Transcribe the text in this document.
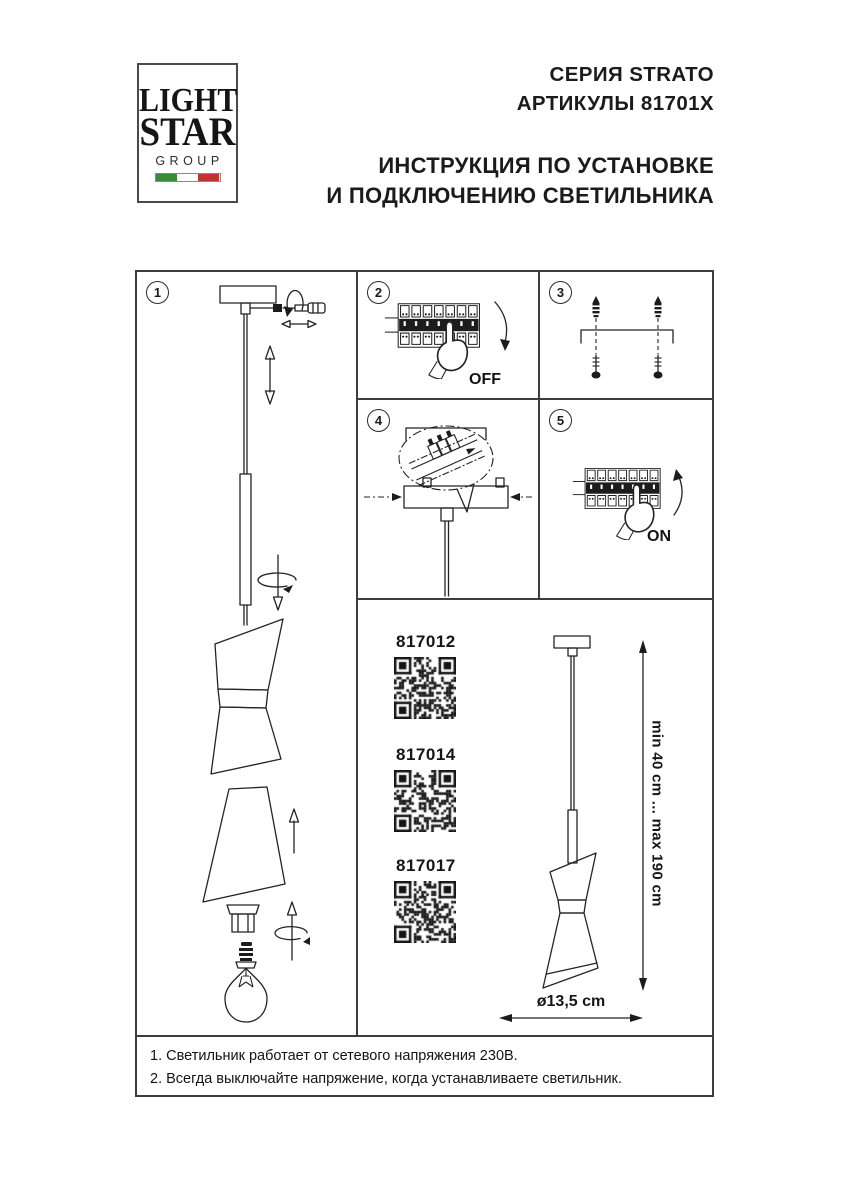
LIGHT
STAR
GROUP
СЕРИЯ STRATO
АРТИКУЛЫ 81701X
ИНСТРУКЦИЯ ПО УСТАНОВКЕ
И ПОДКЛЮЧЕНИЮ СВЕТИЛЬНИКА
1	2
OFF
3
4	5
ON
817012
817014
817017	min 40 cm ... max 190 cm
ø13,5 cm
1. Светильник работает от сетевого напряжения 230В.
2. Всегда выключайте напряжение, когда устанавливаете светильник.
